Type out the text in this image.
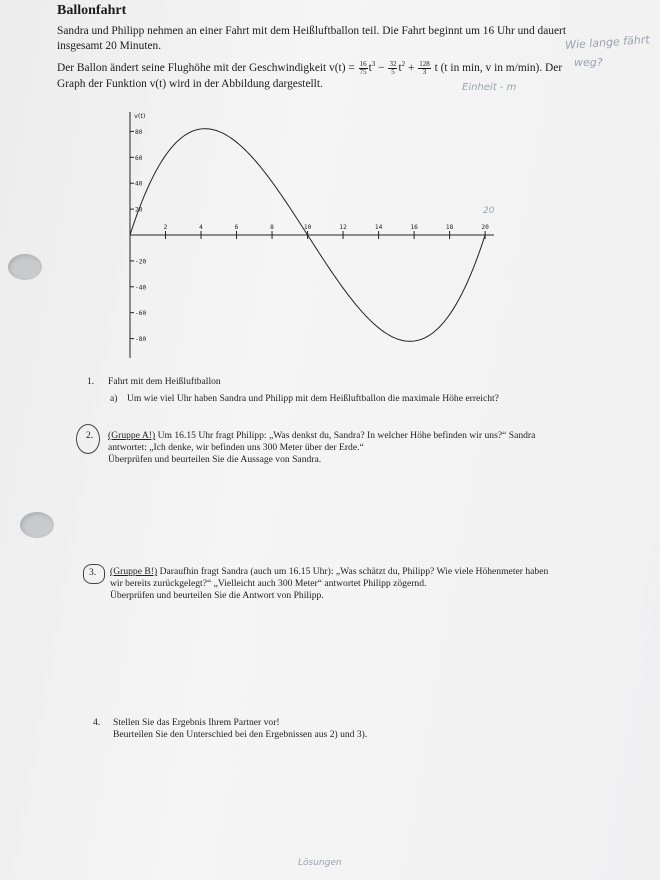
Ballonfahrt

Sandra und Philipp nehmen an einer Fahrt mit dem Heißluftballon teil. Die Fahrt beginnt um 16 Uhr und dauert

insgesamt 20 Minuten.

Der Ballon ändert seine Flughöhe mit der Geschwindigkeit $v(t) = \frac{16}{75} t^3 - \frac{32}{5} t^2 + \frac{128}{3}$ t (t in min, v in m/min). Der

Graph der Funktion v(t) wird in der Abbildung dargestellt.

Wie lange fährt
weg?
Einheit - m
20
Lösungen
v(t)
80
60
40
20
-20
-40
-60
-80
2	4	6	8	10	12	14	16	18	20
1. Fahrt mit dem Heißluftballon
a) Um wie viel Uhr haben Sandra und Philipp mit dem Heißluftballon die maximale Höhe erreicht?
2. (Gruppe A!) Um 16.15 Uhr fragt Philipp: „Was denkst du, Sandra? In welcher Höhe befinden wir uns?“ Sandra
antwortet: „Ich denke, wir befinden uns 300 Meter über der Erde.“
Überprüfen und beurteilen Sie die Aussage von Sandra.
3. (Gruppe B!) Daraufhin fragt Sandra (auch um 16.15 Uhr): „Was schätzt du, Philipp? Wie viele Höhenmeter haben
wir bereits zurückgelegt?“ „Vielleicht auch 300 Meter“ antwortet Philipp zögernd.
Überprüfen und beurteilen Sie die Antwort von Philipp.
4. Stellen Sie das Ergebnis Ihrem Partner vor!
Beurteilen Sie den Unterschied bei den Ergebnissen aus 2) und 3).
